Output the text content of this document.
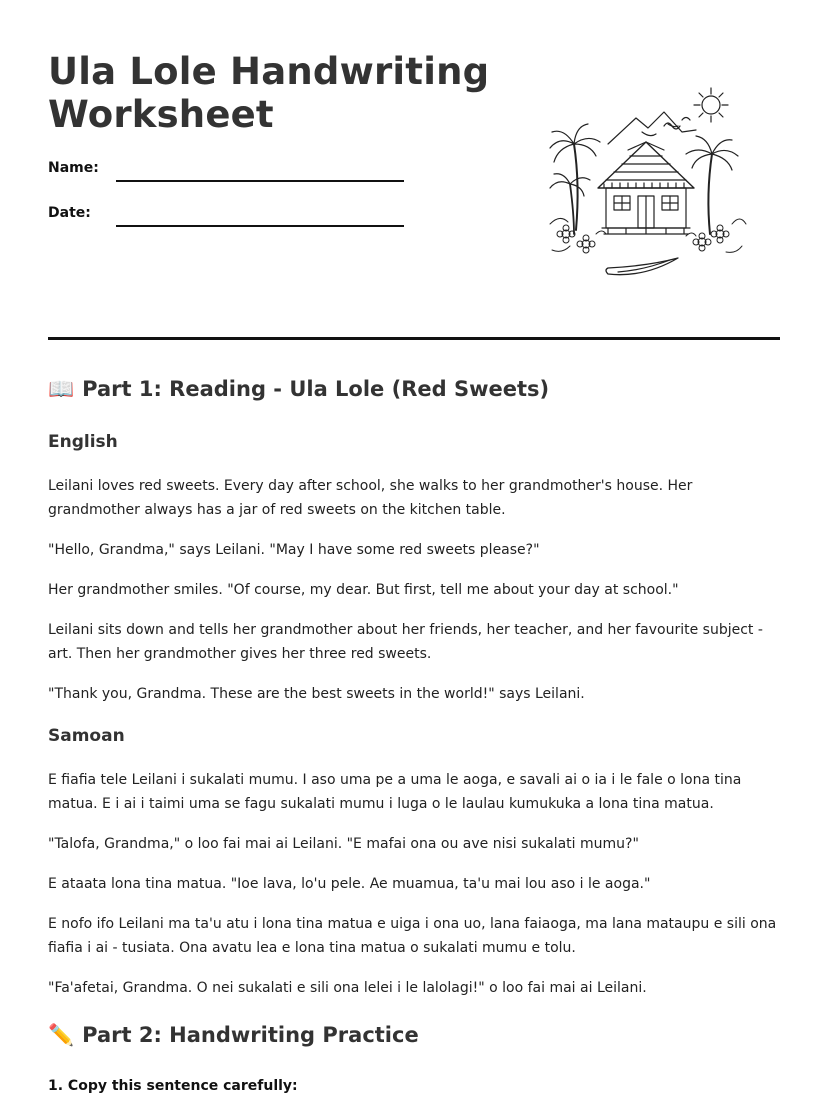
Ula Lole Handwriting
Worksheet
Name:
Date:
📖 Part 1: Reading - Ula Lole (Red Sweets)
English

Leilani loves red sweets. Every day after school, she walks to her grandmother's house. Her grandmother always has a jar of red sweets on the kitchen table.

"Hello, Grandma," says Leilani. "May I have some red sweets please?"

Her grandmother smiles. "Of course, my dear. But first, tell me about your day at school."

Leilani sits down and tells her grandmother about her friends, her teacher, and her favourite subject - art. Then her grandmother gives her three red sweets.

"Thank you, Grandma. These are the best sweets in the world!" says Leilani.

Samoan

E fiafia tele Leilani i sukalati mumu. I aso uma pe a uma le aoga, e savali ai o ia i le fale o lona tina matua. E i ai i taimi uma se fagu sukalati mumu i luga o le laulau kumukuka a lona tina matua.

"Talofa, Grandma," o loo fai mai ai Leilani. "E mafai ona ou ave nisi sukalati mumu?"

E ataata lona tina matua. "Ioe lava, lo'u pele. Ae muamua, ta'u mai lou aso i le aoga."

E nofo ifo Leilani ma ta'u atu i lona tina matua e uiga i ona uo, lana faiaoga, ma lana mataupu e sili ona fiafia i ai - tusiata. Ona avatu lea e lona tina matua o sukalati mumu e tolu.

"Fa'afetai, Grandma. O nei sukalati e sili ona lelei i le lalolagi!" o loo fai mai ai Leilani.

✏️ Part 2: Handwriting Practice
1. Copy this sentence carefully:
